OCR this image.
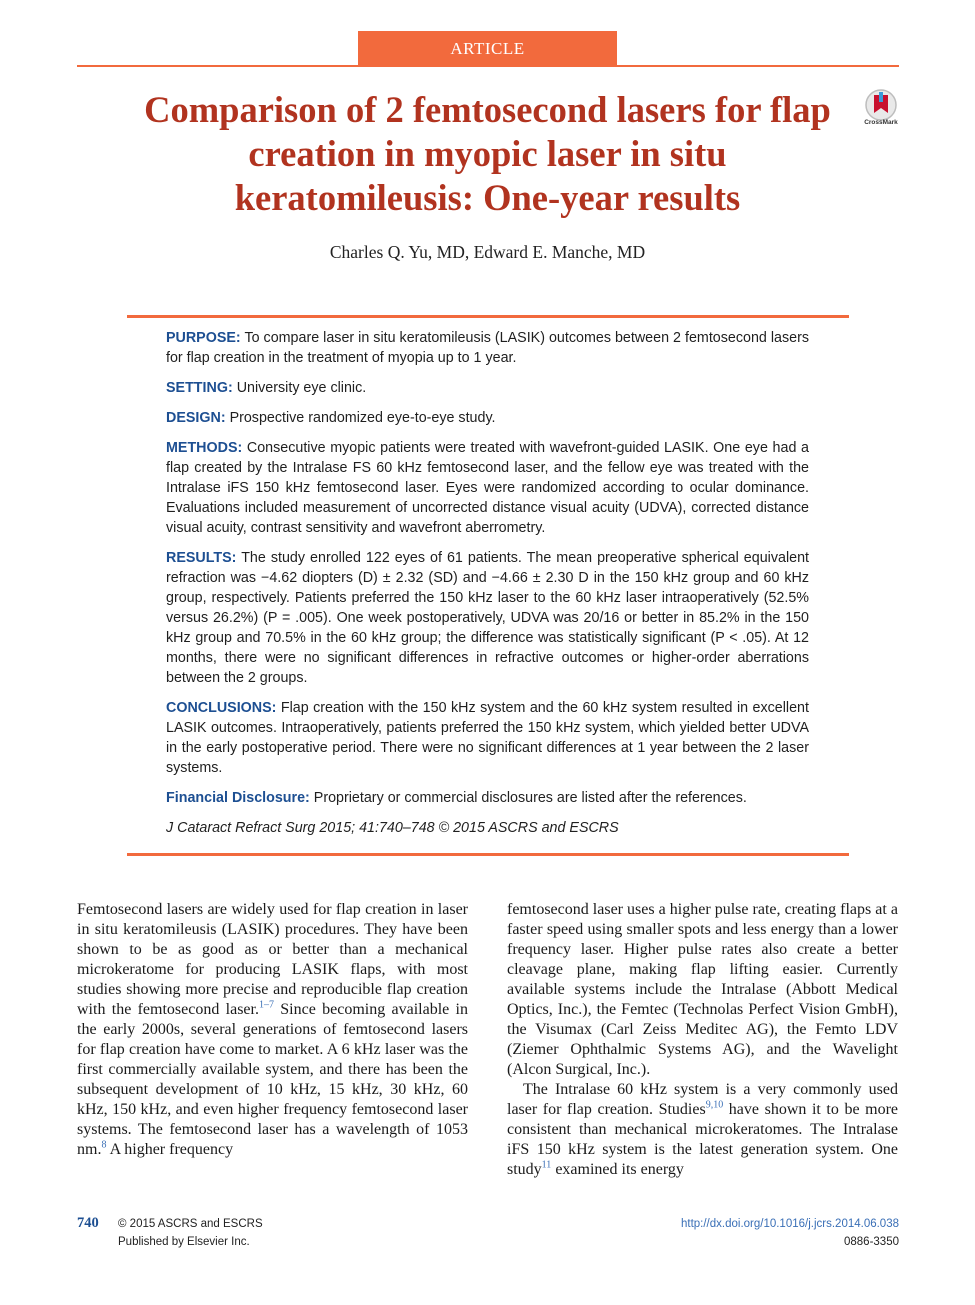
ARTICLE
Comparison of 2 femtosecond lasers for flap creation in myopic laser in situ keratomileusis: One-year results
CrossMark
Charles Q. Yu, MD, Edward E. Manche, MD

PURPOSE: To compare laser in situ keratomileusis (LASIK) outcomes between 2 femtosecond lasers for flap creation in the treatment of myopia up to 1 year.

SETTING: University eye clinic.

DESIGN: Prospective randomized eye-to-eye study.

METHODS: Consecutive myopic patients were treated with wavefront-guided LASIK. One eye had a flap created by the Intralase FS 60 kHz femtosecond laser, and the fellow eye was treated with the Intralase iFS 150 kHz femtosecond laser. Eyes were randomized according to ocular dominance. Evaluations included measurement of uncorrected distance visual acuity (UDVA), corrected distance visual acuity, contrast sensitivity and wavefront aberrometry.

RESULTS: The study enrolled 122 eyes of 61 patients. The mean preoperative spherical equivalent refraction was −4.62 diopters (D) ± 2.32 (SD) and −4.66 ± 2.30 D in the 150 kHz group and 60 kHz group, respectively. Patients preferred the 150 kHz laser to the 60 kHz laser intraoperatively (52.5% versus 26.2%) (P = .005). One week postoperatively, UDVA was 20/16 or better in 85.2% in the 150 kHz group and 70.5% in the 60 kHz group; the difference was statistically significant (P < .05). At 12 months, there were no significant differences in refractive outcomes or higher-order aberrations between the 2 groups.

CONCLUSIONS: Flap creation with the 150 kHz system and the 60 kHz system resulted in excellent LASIK outcomes. Intraoperatively, patients preferred the 150 kHz system, which yielded better UDVA in the early postoperative period. There were no significant differences at 1 year between the 2 laser systems.

Financial Disclosure: Proprietary or commercial disclosures are listed after the references.

J Cataract Refract Surg 2015; 41:740–748 © 2015 ASCRS and ESCRS

Femtosecond lasers are widely used for flap creation in laser in situ keratomileusis (LASIK) procedures. They have been shown to be as good as or better than a mechanical microkeratome for producing LASIK flaps, with most studies showing more precise and reproducible flap creation with the femtosecond laser.$^{1-7}$ Since becoming available in the early 2000s, several generations of femtosecond lasers for flap creation have come to market. A 6 kHz laser was the first commercially available system, and there has been the subsequent development of 10 kHz, 15 kHz, 30 kHz, 60 kHz, 150 kHz, and even higher frequency femtosecond laser systems. The femtosecond laser has a wavelength of 1053 nm.$^8$ A higher frequency

femtosecond laser uses a higher pulse rate, creating flaps at a faster speed using smaller spots and less energy than a lower frequency laser. Higher pulse rates also create a better cleavage plane, making flap lifting easier. Currently available systems include the Intralase (Abbott Medical Optics, Inc.), the Femtec (Technolas Perfect Vision GmbH), the Visumax (Carl Zeiss Meditec AG), the Femto LDV (Ziemer Ophthalmic Systems AG), and the Wavelight (Alcon Surgical, Inc.).

The Intralase 60 kHz system is a very commonly used laser for flap creation. Studies$^{9,10}$ have shown it to be more consistent than mechanical microkeratomes. The Intralase iFS 150 kHz system is the latest generation system. One study$^{11}$ examined its energy

740 © 2015 ASCRS and ESCRS
Published by Elsevier Inc.
http://dx.doi.org/10.1016/j.jcrs.2014.06.038
0886-3350
